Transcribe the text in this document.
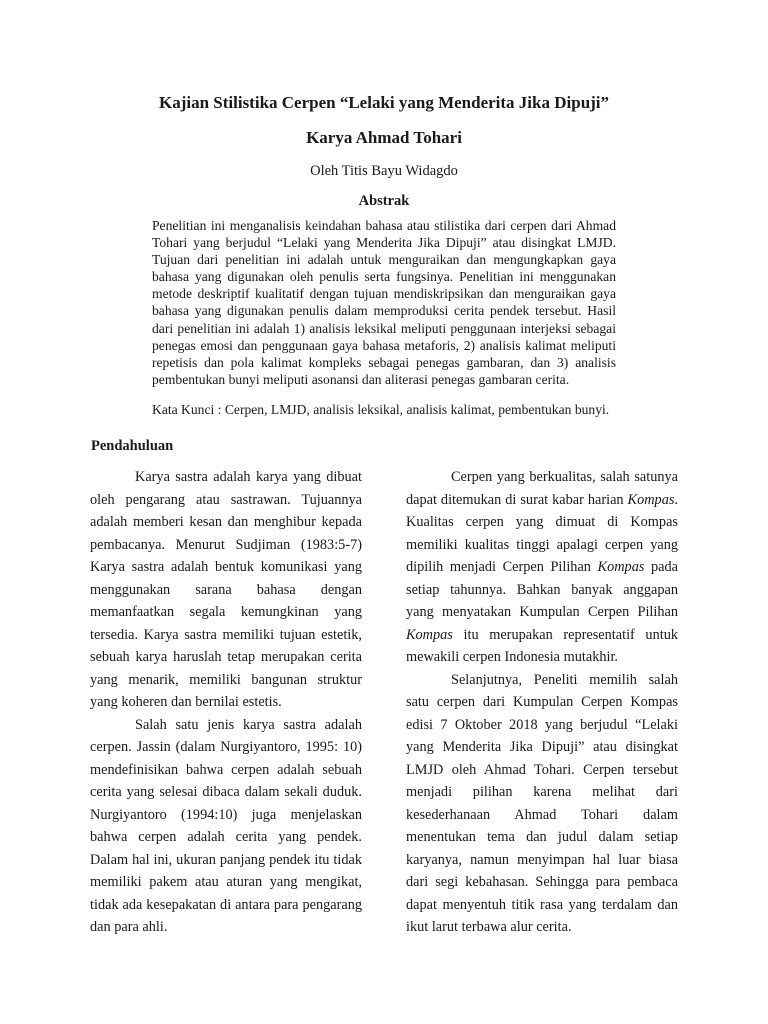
Kajian Stilistika Cerpen “Lelaki yang Menderita Jika Dipuji”
Karya Ahmad Tohari
Oleh Titis Bayu Widagdo
Abstrak

Penelitian ini menganalisis keindahan bahasa atau stilistika dari cerpen dari Ahmad Tohari yang berjudul “Lelaki yang Menderita Jika Dipuji” atau disingkat LMJD. Tujuan dari penelitian ini adalah untuk menguraikan dan mengungkapkan gaya bahasa yang digunakan oleh penulis serta fungsinya. Penelitian ini menggunakan metode deskriptif kualitatif dengan tujuan mendiskripsikan dan menguraikan gaya bahasa yang digunakan penulis dalam memproduksi cerita pendek tersebut. Hasil dari penelitian ini adalah 1) analisis leksikal meliputi penggunaan interjeksi sebagai penegas emosi dan penggunaan gaya bahasa metaforis, 2) analisis kalimat meliputi repetisis dan pola kalimat kompleks sebagai penegas gambaran, dan 3) analisis pembentukan bunyi meliputi asonansi dan aliterasi penegas gambaran cerita.

Kata Kunci : Cerpen, LMJD, analisis leksikal, analisis kalimat, pembentukan bunyi.

Pendahuluan

Karya sastra adalah karya yang dibuat oleh pengarang atau sastrawan. Tujuannya adalah memberi kesan dan menghibur kepada pembacanya. Menurut Sudjiman (1983:5-7) Karya sastra adalah bentuk komunikasi yang menggunakan sarana bahasa dengan memanfaatkan segala kemungkinan yang tersedia. Karya sastra memiliki tujuan estetik, sebuah karya haruslah tetap merupakan cerita yang menarik, memiliki bangunan struktur yang koheren dan bernilai estetis.

Salah satu jenis karya sastra adalah cerpen. Jassin (dalam Nurgiyantoro, 1995: 10) mendefinisikan bahwa cerpen adalah sebuah cerita yang selesai dibaca dalam sekali duduk. Nurgiyantoro (1994:10) juga menjelaskan bahwa cerpen adalah cerita yang pendek. Dalam hal ini, ukuran panjang pendek itu tidak memiliki pakem atau aturan yang mengikat, tidak ada kesepakatan di antara para pengarang dan para ahli.

Cerpen yang berkualitas, salah satunya dapat ditemukan di surat kabar harian Kompas. Kualitas cerpen yang dimuat di Kompas memiliki kualitas tinggi apalagi cerpen yang dipilih menjadi Cerpen Pilihan Kompas pada setiap tahunnya. Bahkan banyak anggapan yang menyatakan Kumpulan Cerpen Pilihan Kompas itu merupakan representatif untuk mewakili cerpen Indonesia mutakhir.

Selanjutnya, Peneliti memilih salah satu cerpen dari Kumpulan Cerpen Kompas edisi 7 Oktober 2018 yang berjudul “Lelaki yang Menderita Jika Dipuji” atau disingkat LMJD oleh Ahmad Tohari. Cerpen tersebut menjadi pilihan karena melihat dari kesederhanaan Ahmad Tohari dalam menentukan tema dan judul dalam setiap karyanya, namun menyimpan hal luar biasa dari segi kebahasan. Sehingga para pembaca dapat menyentuh titik rasa yang terdalam dan ikut larut terbawa alur cerita.
